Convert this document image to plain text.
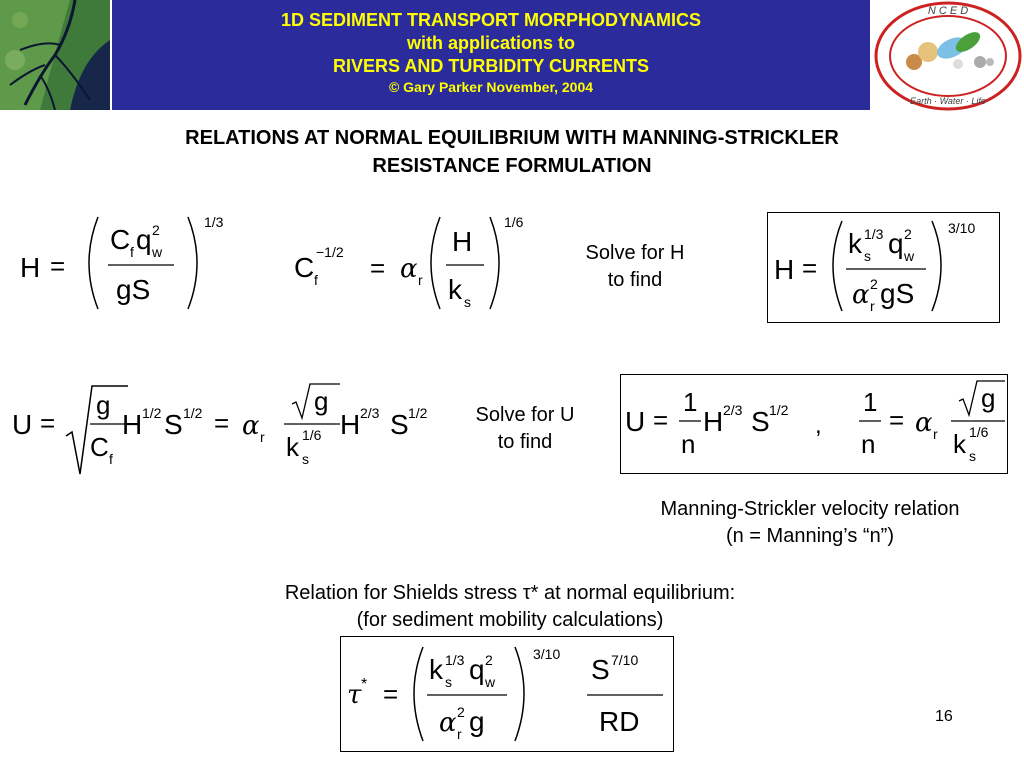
1D SEDIMENT TRANSPORT MORPHODYNAMICS
with applications to
RIVERS AND TURBIDITY CURRENTS
© Gary Parker November, 2004
N C E D
Earth · Water · Life
RELATIONS AT NORMAL EQUILIBRIUM WITH MANNING-STRICKLER
RESISTANCE FORMULATION
H =
C f q 2
w
gS
1/3
C f
−1/2
= α r
H
k s
1/6
Solve for H
to find	H =
k s
1/3 q 2
w
α 2
r gS
3/10
U =
g
C f
H 1/2 S 1/2 = α r
g
k s
1/6 H 2/3 S 1/2	Solve for U
to find
U =
1
n
H 2/3 S 1/2
,
1
n
= α r
g
k s
1/6
Manning-Strickler velocity relation
(n = Manning’s “n”)
Relation for Shields stress τ* at normal equilibrium:
(for sediment mobility calculations)
τ * =
k s
1/3 q 2
w
α 2
r g
3/10 S 7/10
RD	16
